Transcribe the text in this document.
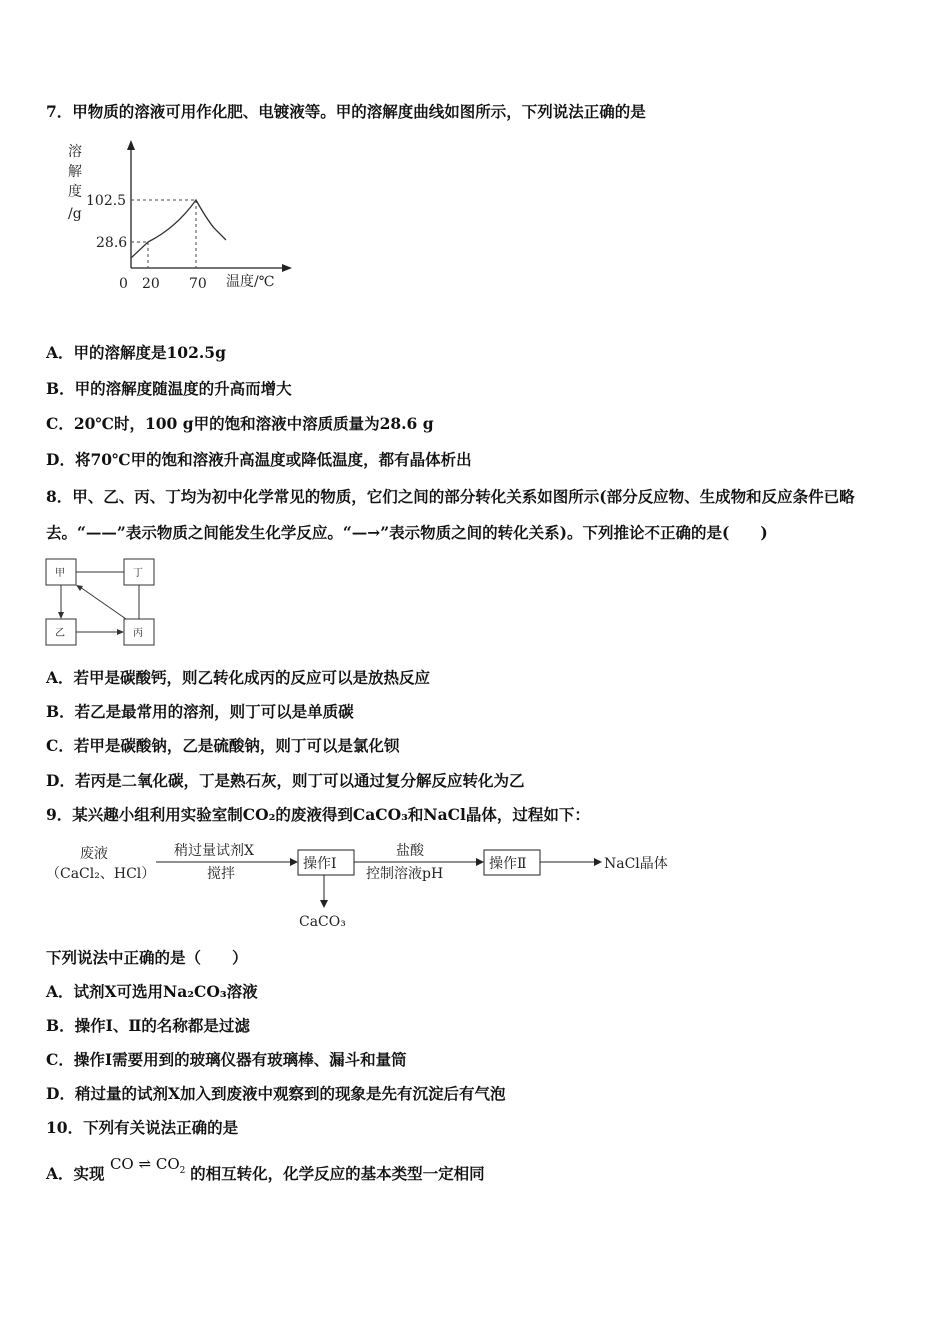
7．甲物质的溶液可用作化肥、电镀液等。甲的溶解度曲线如图所示，下列说法正确的是
溶
解
度
/g
102.5
28.6
0 20 70 温度/℃
A．甲的溶解度是102.5g
B．甲的溶解度随温度的升高而增大
C．20℃时，100 g甲的饱和溶液中溶质质量为28.6 g
D．将70℃甲的饱和溶液升高温度或降低温度，都有晶体析出
8．甲、乙、丙、丁均为初中化学常见的物质，它们之间的部分转化关系如图所示(部分反应物、生成物和反应条件已略
去。“——”表示物质之间能发生化学反应。“—→”表示物质之间的转化关系)。下列推论不正确的是(　　)
甲	丁
乙	丙
A．若甲是碳酸钙，则乙转化成丙的反应可以是放热反应
B．若乙是最常用的溶剂，则丁可以是单质碳
C．若甲是碳酸钠，乙是硫酸钠，则丁可以是氯化钡
D．若丙是二氧化碳，丁是熟石灰，则丁可以通过复分解反应转化为乙
9．某兴趣小组利用实验室制CO₂的废液得到CaCO₃和NaCl晶体，过程如下：
废液
（CaCl₂、HCl）
稍过量试剂X
搅拌
操作Ⅰ
盐酸
控制溶液pH
操作Ⅱ	NaCl晶体
CaCO₃
下列说法中正确的是（　　）
A．试剂X可选用Na₂CO₃溶液
B．操作Ⅰ、Ⅱ的名称都是过滤
C．操作I需要用到的玻璃仪器有玻璃棒、漏斗和量筒
D．稍过量的试剂X加入到废液中观察到的现象是先有沉淀后有气泡
10．下列有关说法正确的是
A．实现 CO ⇌ $CO_2$ 的相互转化，化学反应的基本类型一定相同
